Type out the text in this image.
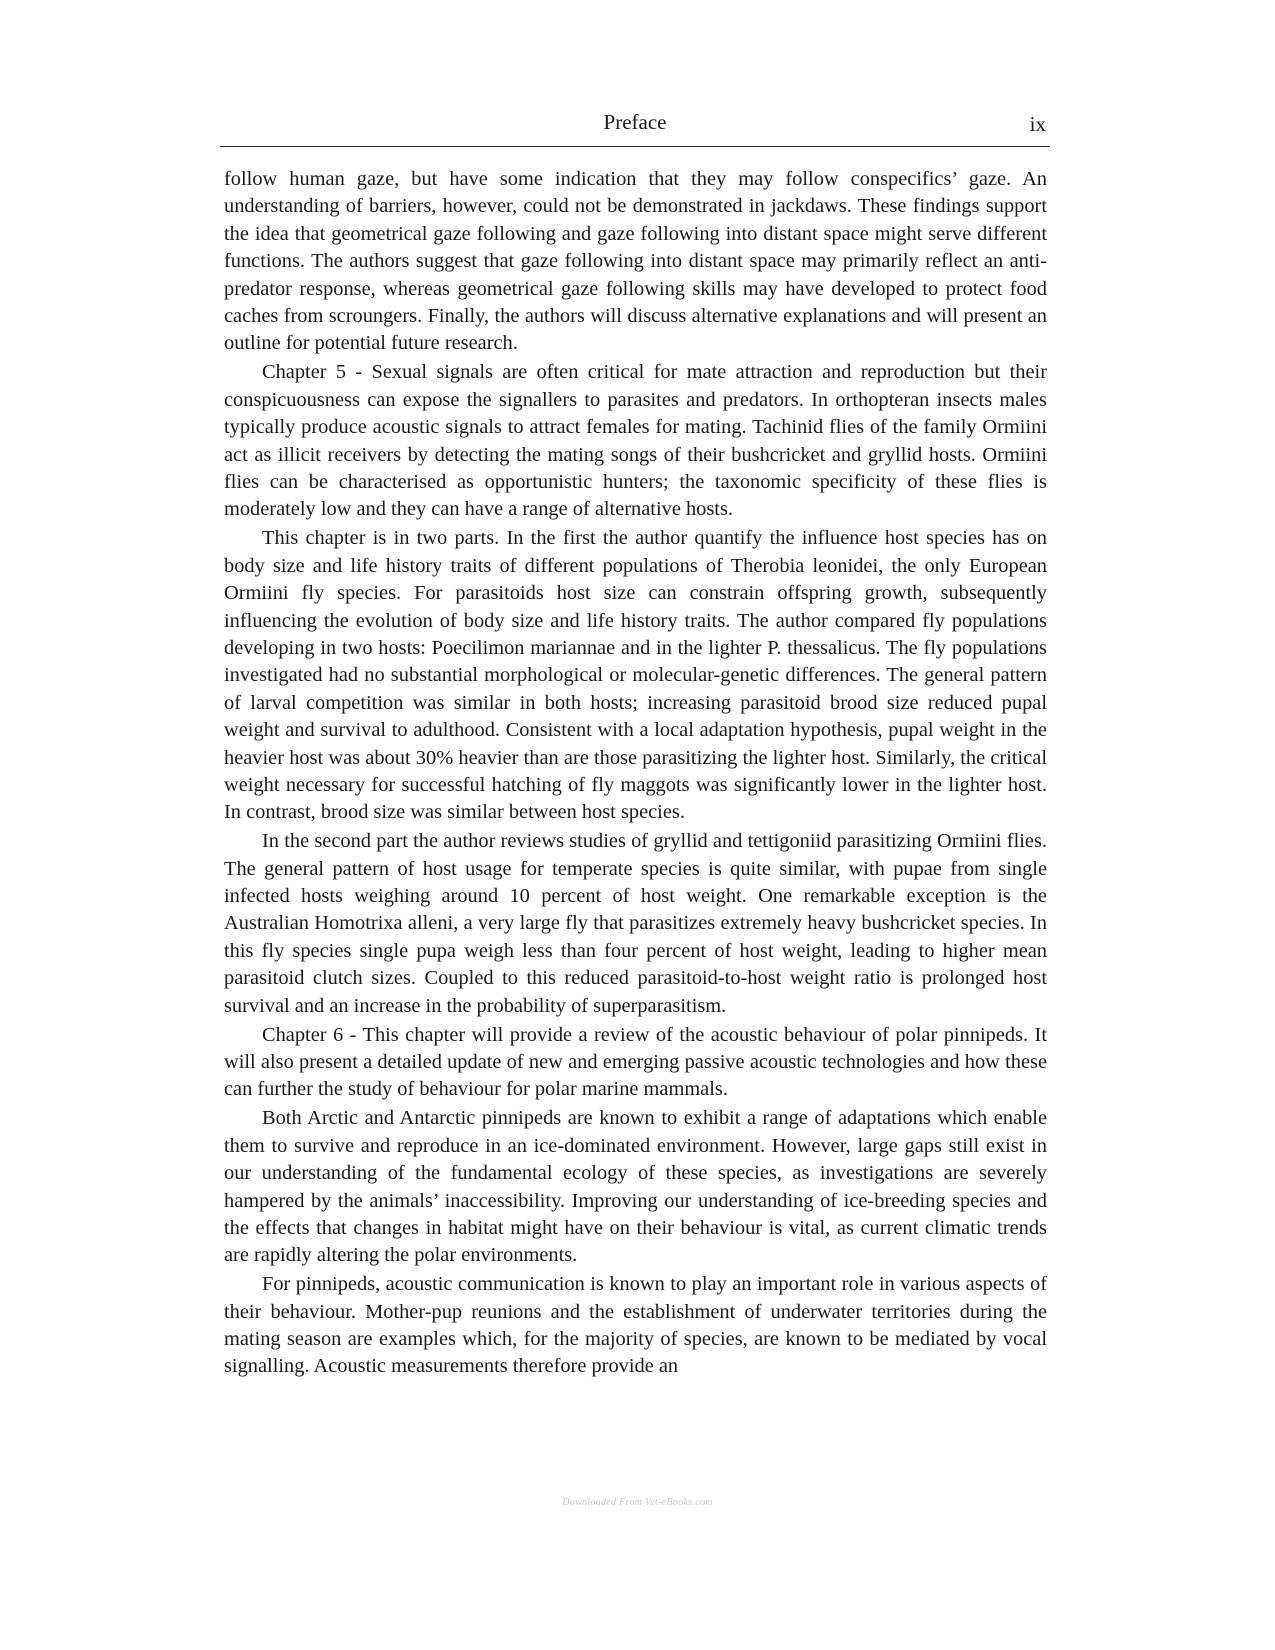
Preface	ix

follow human gaze, but have some indication that they may follow conspecifics’ gaze. An understanding of barriers, however, could not be demonstrated in jackdaws. These findings support the idea that geometrical gaze following and gaze following into distant space might serve different functions. The authors suggest that gaze following into distant space may primarily reflect an anti-predator response, whereas geometrical gaze following skills may have developed to protect food caches from scroungers. Finally, the authors will discuss alternative explanations and will present an outline for potential future research.

Chapter 5 - Sexual signals are often critical for mate attraction and reproduction but their conspicuousness can expose the signallers to parasites and predators. In orthopteran insects males typically produce acoustic signals to attract females for mating. Tachinid flies of the family Ormiini act as illicit receivers by detecting the mating songs of their bushcricket and gryllid hosts. Ormiini flies can be characterised as opportunistic hunters; the taxonomic specificity of these flies is moderately low and they can have a range of alternative hosts.

This chapter is in two parts. In the first the author quantify the influence host species has on body size and life history traits of different populations of Therobia leonidei, the only European Ormiini fly species. For parasitoids host size can constrain offspring growth, subsequently influencing the evolution of body size and life history traits. The author compared fly populations developing in two hosts: Poecilimon mariannae and in the lighter P. thessalicus. The fly populations investigated had no substantial morphological or molecular-genetic differences. The general pattern of larval competition was similar in both hosts; increasing parasitoid brood size reduced pupal weight and survival to adulthood. Consistent with a local adaptation hypothesis, pupal weight in the heavier host was about 30% heavier than are those parasitizing the lighter host. Similarly, the critical weight necessary for successful hatching of fly maggots was significantly lower in the lighter host. In contrast, brood size was similar between host species.

In the second part the author reviews studies of gryllid and tettigoniid parasitizing Ormiini flies. The general pattern of host usage for temperate species is quite similar, with pupae from single infected hosts weighing around 10 percent of host weight. One remarkable exception is the Australian Homotrixa alleni, a very large fly that parasitizes extremely heavy bushcricket species. In this fly species single pupa weigh less than four percent of host weight, leading to higher mean parasitoid clutch sizes. Coupled to this reduced parasitoid-to-host weight ratio is prolonged host survival and an increase in the probability of superparasitism.

Chapter 6 - This chapter will provide a review of the acoustic behaviour of polar pinnipeds. It will also present a detailed update of new and emerging passive acoustic technologies and how these can further the study of behaviour for polar marine mammals.

Both Arctic and Antarctic pinnipeds are known to exhibit a range of adaptations which enable them to survive and reproduce in an ice-dominated environment. However, large gaps still exist in our understanding of the fundamental ecology of these species, as investigations are severely hampered by the animals’ inaccessibility. Improving our understanding of ice-breeding species and the effects that changes in habitat might have on their behaviour is vital, as current climatic trends are rapidly altering the polar environments.

For pinnipeds, acoustic communication is known to play an important role in various aspects of their behaviour. Mother-pup reunions and the establishment of underwater territories during the mating season are examples which, for the majority of species, are known to be mediated by vocal signalling. Acoustic measurements therefore provide an

Downloaded From Vet-eBooks.com
